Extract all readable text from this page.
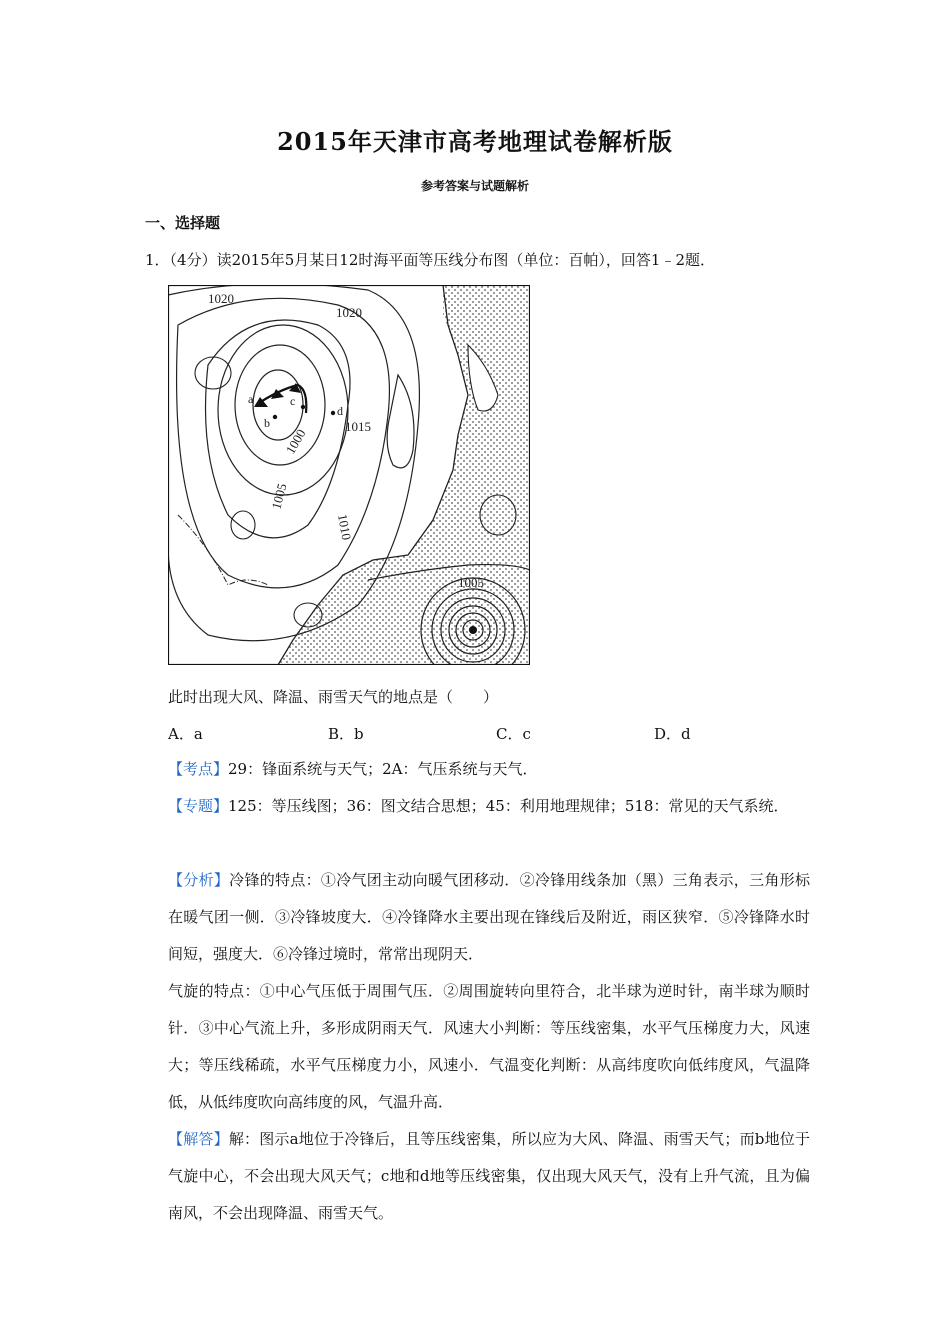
2015年天津市高考地理试卷解析版
参考答案与试题解析
一、选择题
1．（4分）读2015年5月某日12时海平面等压线分布图（单位：百帕），回答1﹣2题．
1020
1020
1015
1010
1005
1000
1005
a
b
c
d
此时出现大风、降温、雨雪天气的地点是（　　）
A．a	B．b	C．c	D．d
【考点】29：锋面系统与天气；2A：气压系统与天气．
【专题】125：等压线图；36：图文结合思想；45：利用地理规律；518：常见的天气系统．
【分析】冷锋的特点：①冷气团主动向暖气团移动．②冷锋用线条加（黑）三角表示，三角形标在暖气团一侧．③冷锋坡度大．④冷锋降水主要出现在锋线后及附近，雨区狭窄．⑤冷锋降水时间短，强度大．⑥冷锋过境时，常常出现阴天．
气旋的特点：①中心气压低于周围气压．②周围旋转向里符合，北半球为逆时针，南半球为顺时针．③中心气流上升，多形成阴雨天气．风速大小判断：等压线密集，水平气压梯度力大，风速大；等压线稀疏，水平气压梯度力小，风速小．气温变化判断：从高纬度吹向低纬度风，气温降低，从低纬度吹向高纬度的风，气温升高．
【解答】解：图示a地位于冷锋后，且等压线密集，所以应为大风、降温、雨雪天气；而b地位于气旋中心，不会出现大风天气；c地和d地等压线密集，仅出现大风天气，没有上升气流，且为偏南风，不会出现降温、雨雪天气。
